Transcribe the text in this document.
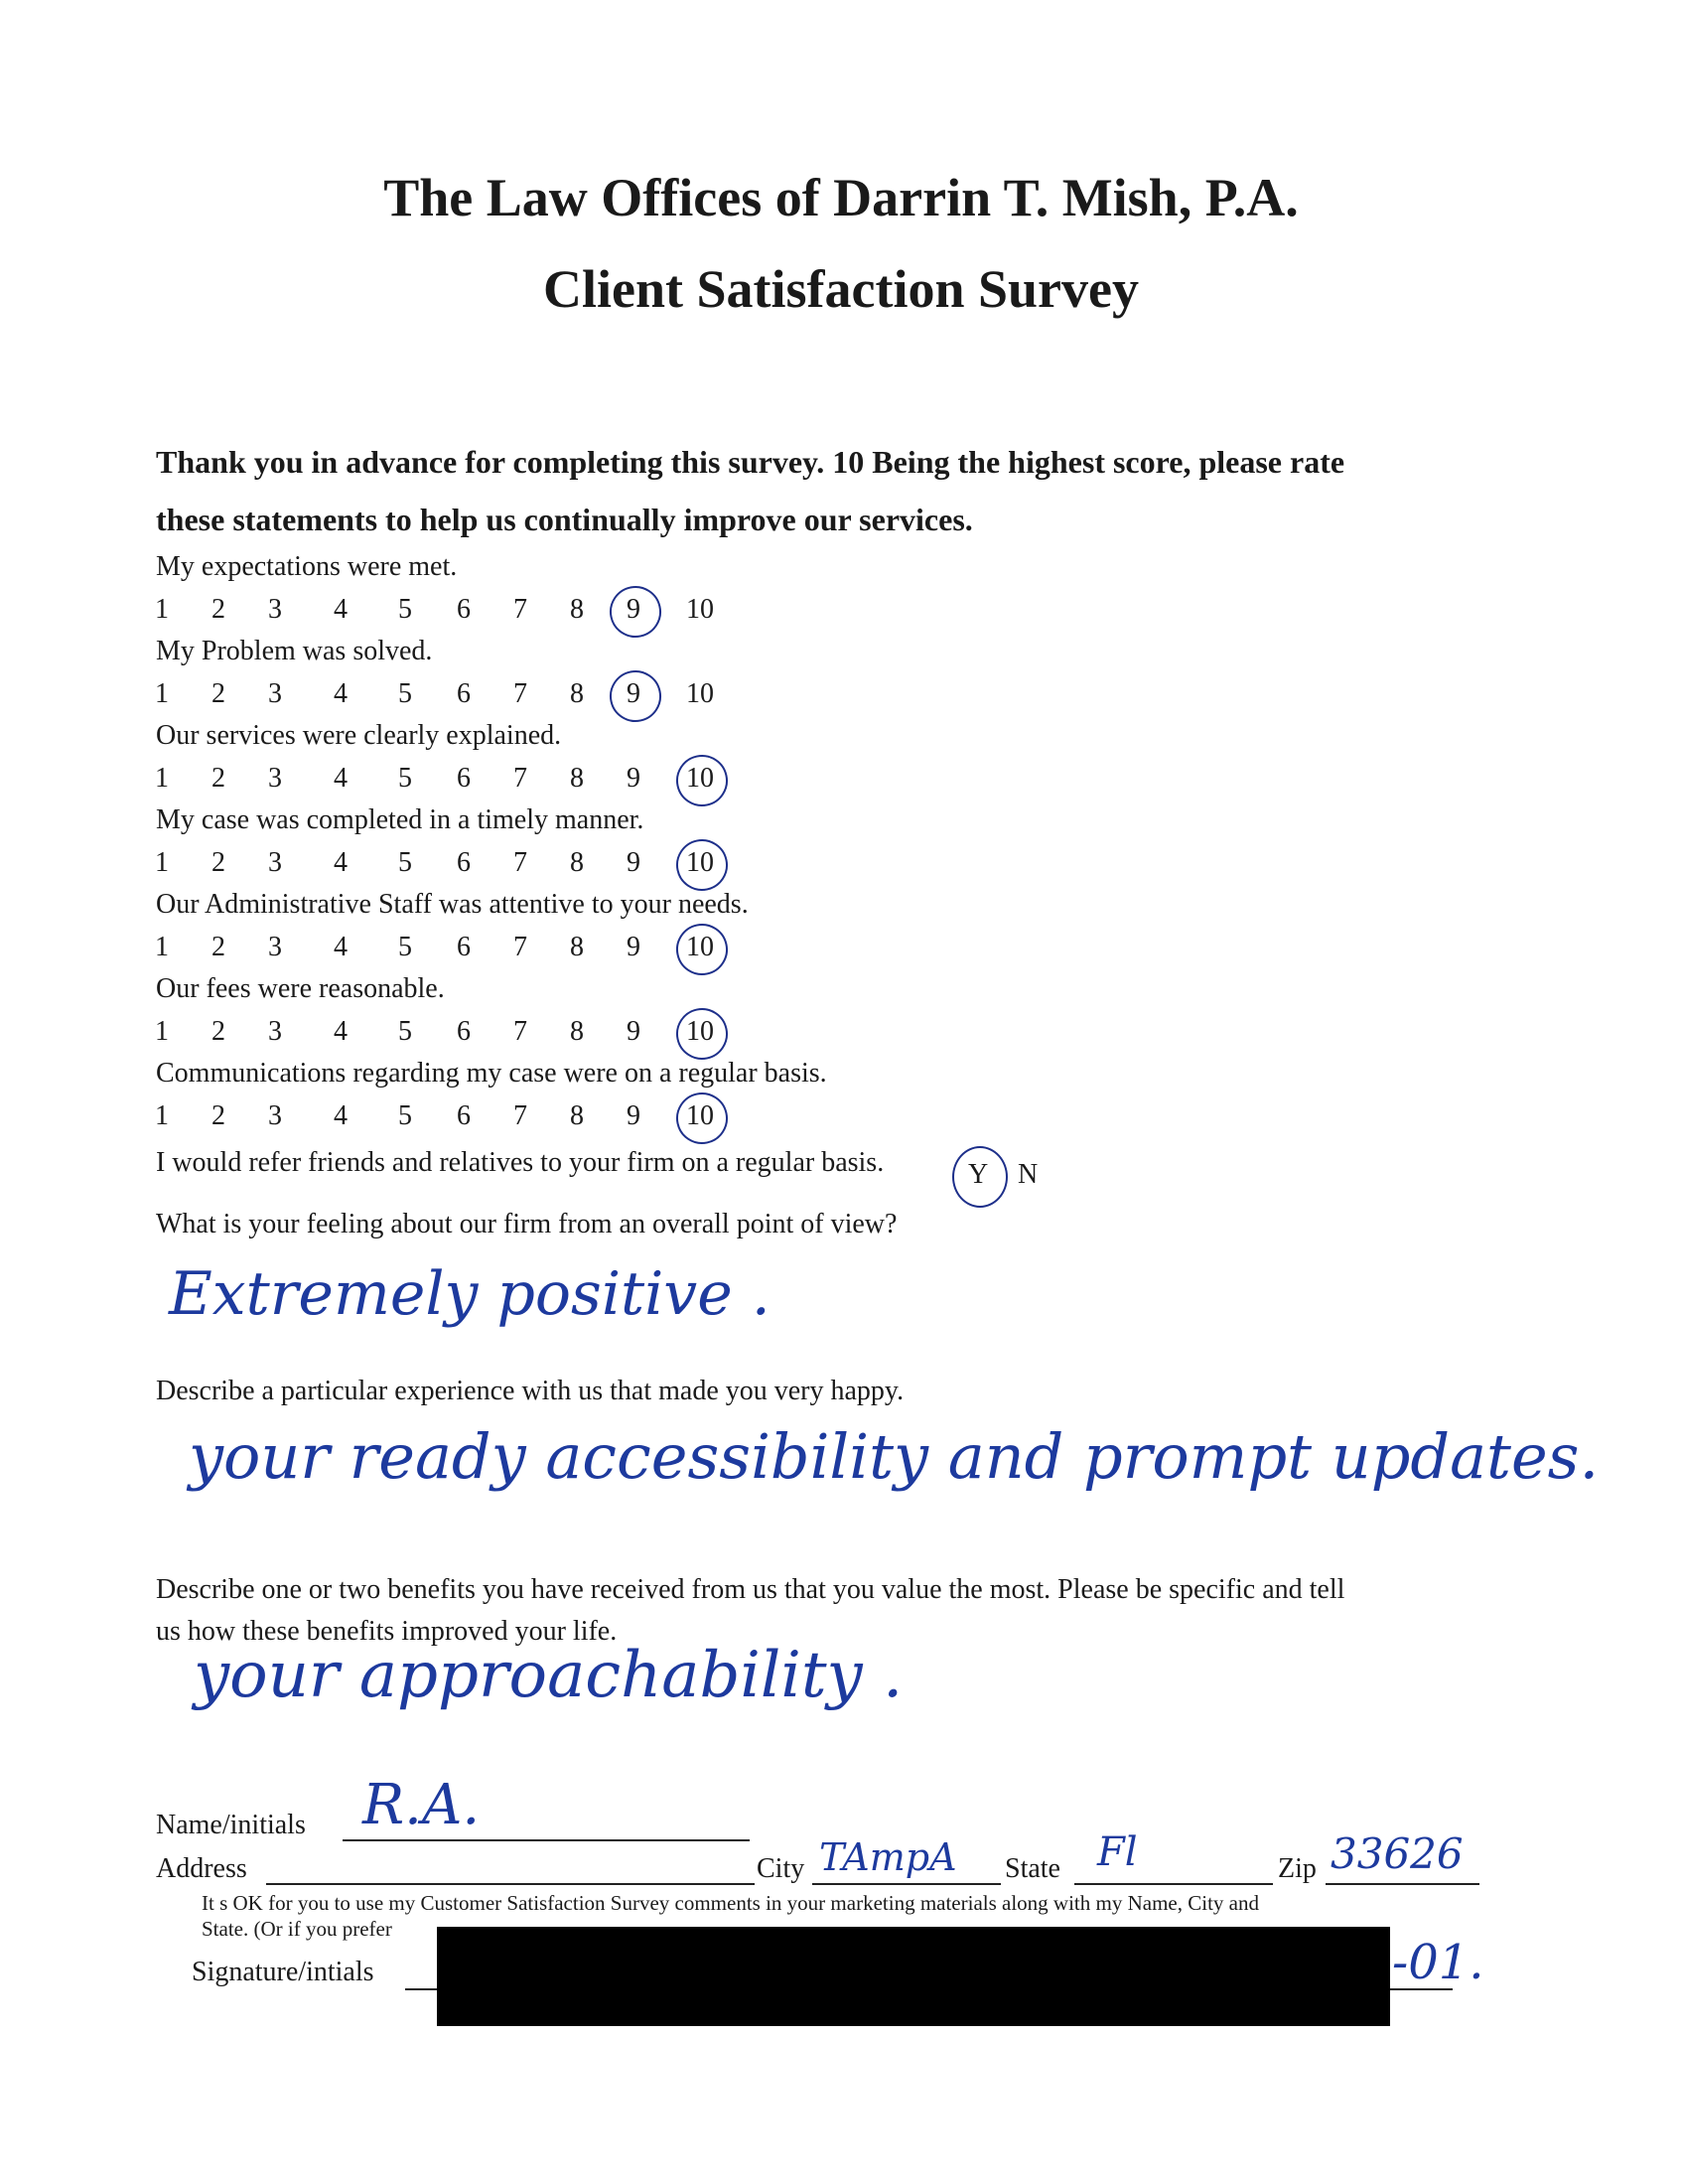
The Law Offices of Darrin T. Mish, P.A.
Client Satisfaction Survey

Thank you in advance for completing this survey. 10 Being the highest score, please rate

these statements to help us continually improve our services.

My expectations were met.

1	2	3	4	5	6	7	8	9	10

My Problem was solved.

1	2	3	4	5	6	7	8	9	10

Our services were clearly explained.

1	2	3	4	5	6	7	8	9	10

My case was completed in a timely manner.

1	2	3	4	5	6	7	8	9	10

Our Administrative Staff was attentive to your needs.

1	2	3	4	5	6	7	8	9	10

Our fees were reasonable.

1	2	3	4	5	6	7	8	9	10

Communications regarding my case were on a regular basis.

1	2	3	4	5	6	7	8	9	10

I would refer friends and relatives to your firm on a regular basis.	Y N

What is your feeling about our firm from an overall point of view?

Extremely positive .

Describe a particular experience with us that made you very happy.

your ready accessibility and prompt updates.

Describe one or two benefits you have received from us that you value the most. Please be specific and tell

us how these benefits improved your life.

your approachability .
Name/initials R.A.
Address	City TAmpA State Fl	Zip 33626
It s OK for you to use my Customer Satisfaction Survey comments in your marketing materials along with my Name, City and
State. (Or if you prefer
Signature/intials	-01.
